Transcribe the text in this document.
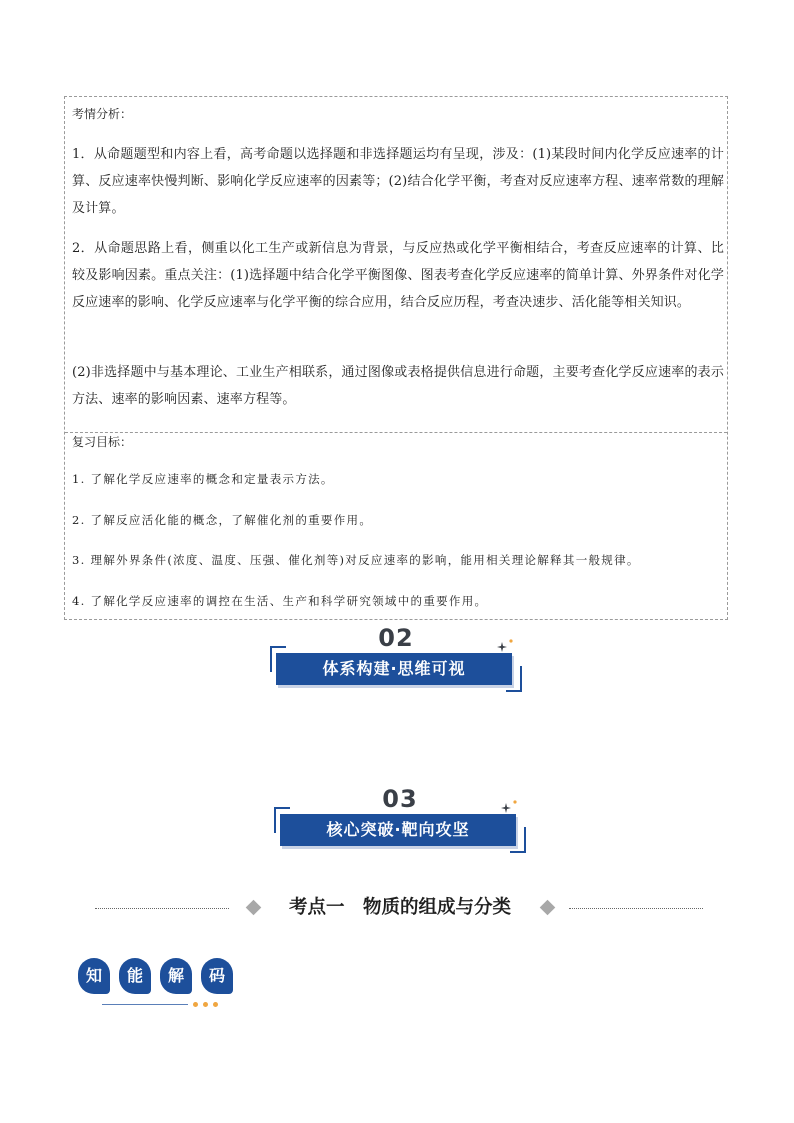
考情分析：

1．从命题题型和内容上看，高考命题以选择题和非选择题运均有呈现，涉及：(1)某段时间内化学反应速率的计算、反应速率快慢判断、影响化学反应速率的因素等；(2)结合化学平衡，考查对反应速率方程、速率常数的理解及计算。

2．从命题思路上看，侧重以化工生产或新信息为背景，与反应热或化学平衡相结合，考查反应速率的计算、比较及影响因素。重点关注：(1)选择题中结合化学平衡图像、图表考查化学反应速率的简单计算、外界条件对化学反应速率的影响、化学反应速率与化学平衡的综合应用，结合反应历程，考查决速步、活化能等相关知识。

(2)非选择题中与基本理论、工业生产相联系，通过图像或表格提供信息进行命题，主要考查化学反应速率的表示方法、速率的影响因素、速率方程等。

复习目标：

1. 了解化学反应速率的概念和定量表示方法。

2. 了解反应活化能的概念，了解催化剂的重要作用。

3. 理解外界条件(浓度、温度、压强、催化剂等)对反应速率的影响，能用相关理论解释其一般规律。

4. 了解化学反应速率的调控在生活、生产和科学研究领域中的重要作用。

02
体系构建·思维可视
03
核心突破·靶向攻坚
考点一　物质的组成与分类
知	能	解	码
